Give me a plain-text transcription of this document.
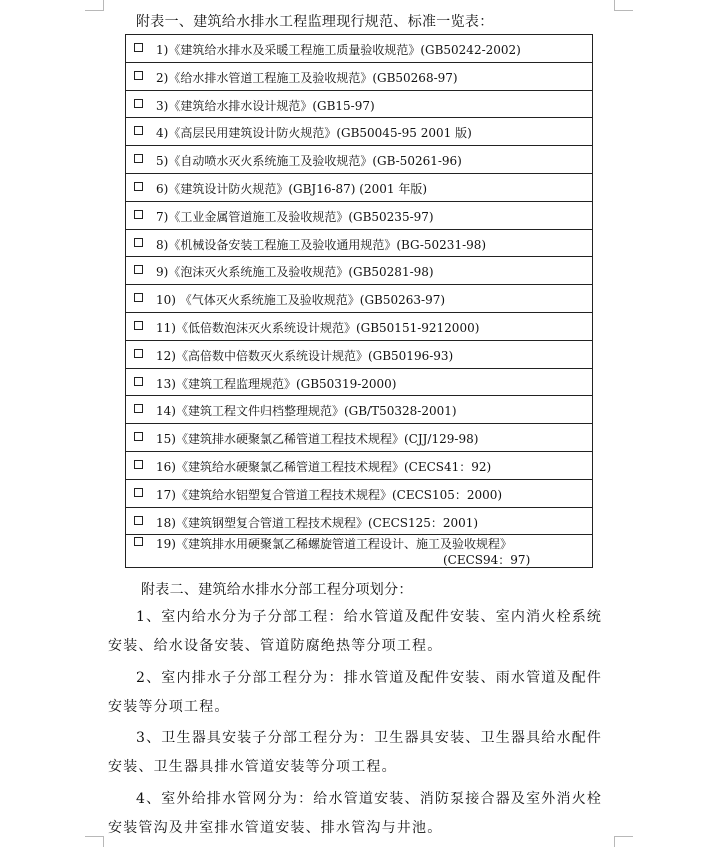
附表一、建筑给水排水工程监理现行规范、标准一览表：
1)《建筑给水排水及采暖工程施工质量验收规范》(GB50242-2002)
2)《给水排水管道工程施工及验收规范》(GB50268-97)
3)《建筑给水排水设计规范》(GB15-97)
4)《高层民用建筑设计防火规范》(GB50045-95 2001 版)
5)《自动喷水灭火系统施工及验收规范》(GB-50261-96)
6)《建筑设计防火规范》(GBJ16-87) (2001 年版)
7)《工业金属管道施工及验收规范》(GB50235-97)
8)《机械设备安装工程施工及验收通用规范》(BG-50231-98)
9)《泡沫灭火系统施工及验收规范》(GB50281-98)
10) 《气体灭火系统施工及验收规范》(GB50263-97)
11)《低倍数泡沫灭火系统设计规范》(GB50151-9212000)
12)《高倍数中倍数灭火系统设计规范》(GB50196-93)
13)《建筑工程监理规范》(GB50319-2000)
14)《建筑工程文件归档整理规范》(GB/T50328-2001)
15)《建筑排水硬聚氯乙稀管道工程技术规程》(CJJ/129-98)
16)《建筑给水硬聚氯乙稀管道工程技术规程》(CECS41：92)
17)《建筑给水铝塑复合管道工程技术规程》(CECS105：2000)
18)《建筑钢塑复合管道工程技术规程》(CECS125：2001)
19)《建筑排水用硬聚氯乙稀螺旋管道工程设计、施工及验收规程》
(CECS94：97)
附表二、建筑给水排水分部工程分项划分：
1、室内给水分为子分部工程：给水管道及配件安装、室内消火栓系统安装、给水设备安装、管道防腐绝热等分项工程。
2、室内排水子分部工程分为：排水管道及配件安装、雨水管道及配件安装等分项工程。
3、卫生器具安装子分部工程分为：卫生器具安装、卫生器具给水配件安装、卫生器具排水管道安装等分项工程。
4、室外给排水管网分为：给水管道安装、消防泵接合器及室外消火栓安装管沟及井室排水管道安装、排水管沟与井池。
